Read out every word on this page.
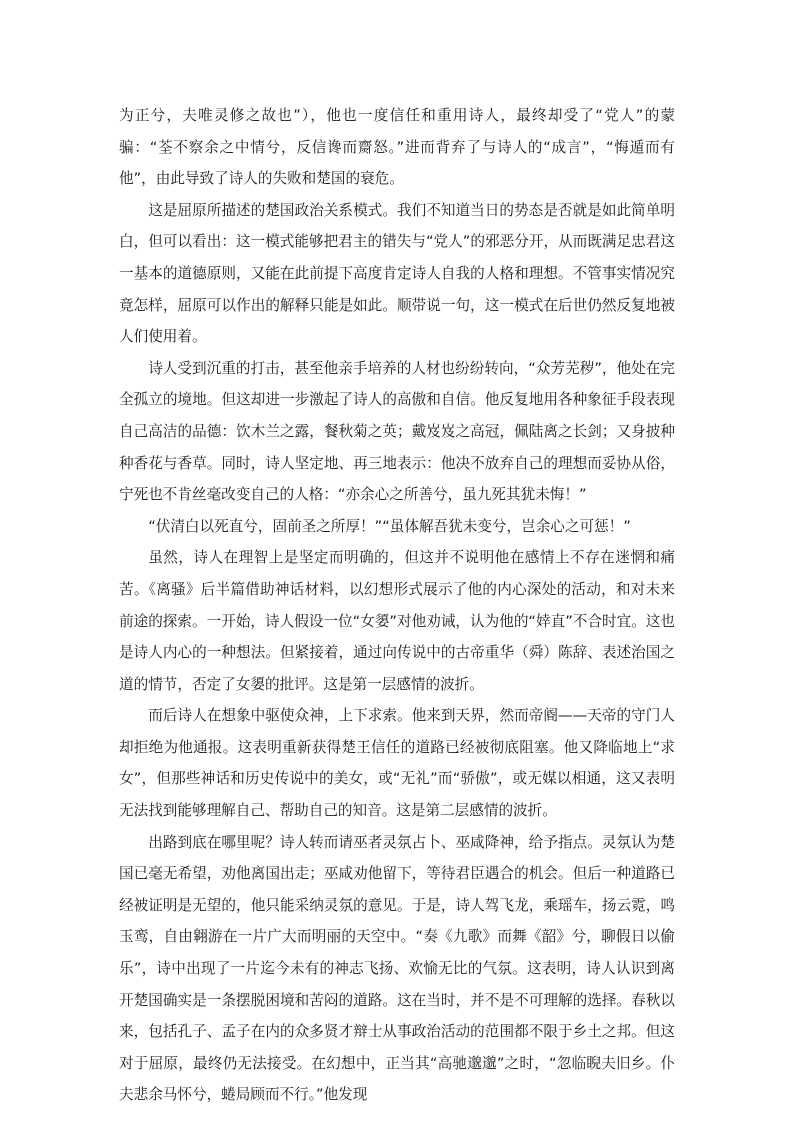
为正兮，夫唯灵修之故也”），他也一度信任和重用诗人，最终却受了“党人”的蒙骗：“荃不察余之中情兮，反信谗而齌怒。”进而背弃了与诗人的“成言”，“悔遁而有他”，由此导致了诗人的失败和楚国的衰危。

这是屈原所描述的楚国政治关系模式。我们不知道当日的势态是否就是如此简单明白，但可以看出：这一模式能够把君主的错失与“党人”的邪恶分开，从而既满足忠君这一基本的道德原则，又能在此前提下高度肯定诗人自我的人格和理想。不管事实情况究竟怎样，屈原可以作出的解释只能是如此。顺带说一句，这一模式在后世仍然反复地被人们使用着。

诗人受到沉重的打击，甚至他亲手培养的人材也纷纷转向，“众芳芜秽”，他处在完全孤立的境地。但这却进一步激起了诗人的高傲和自信。他反复地用各种象征手段表现自己高洁的品德：饮木兰之露，餐秋菊之英；戴岌岌之高冠，佩陆离之长剑；又身披种种香花与香草。同时，诗人坚定地、再三地表示：他决不放弃自己的理想而妥协从俗，宁死也不肯丝毫改变自己的人格：“亦余心之所善兮，虽九死其犹未悔！”

“伏清白以死直兮，固前圣之所厚！”“虽体解吾犹未变兮，岂余心之可惩！”

虽然，诗人在理智上是坚定而明确的，但这并不说明他在感情上不存在迷惘和痛苦。《离骚》后半篇借助神话材料，以幻想形式展示了他的内心深处的活动，和对未来前途的探索。一开始，诗人假设一位“女嬃”对他劝诫，认为他的“婞直”不合时宜。这也是诗人内心的一种想法。但紧接着，通过向传说中的古帝重华（舜）陈辞、表述治国之道的情节，否定了女嬃的批评。这是第一层感情的波折。

而后诗人在想象中驱使众神，上下求索。他来到天界，然而帝阍——天帝的守门人却拒绝为他通报。这表明重新获得楚王信任的道路已经被彻底阻塞。他又降临地上“求女”，但那些神话和历史传说中的美女，或“无礼”而“骄傲”，或无媒以相通，这又表明无法找到能够理解自己、帮助自己的知音。这是第二层感情的波折。

出路到底在哪里呢？诗人转而请巫者灵氛占卜、巫咸降神，给予指点。灵氛认为楚国已毫无希望，劝他离国出走；巫咸劝他留下，等待君臣遇合的机会。但后一种道路已经被证明是无望的，他只能采纳灵氛的意见。于是，诗人驾飞龙，乘瑶车，扬云霓，鸣玉鸾，自由翱游在一片广大而明丽的天空中。“奏《九歌》而舞《韶》兮，聊假日以偷乐”，诗中出现了一片迄今未有的神志飞扬、欢愉无比的气氛。这表明，诗人认识到离开楚国确实是一条摆脱困境和苦闷的道路。这在当时，并不是不可理解的选择。春秋以来，包括孔子、孟子在内的众多贤才辩士从事政治活动的范围都不限于乡土之邦。但这对于屈原，最终仍无法接受。在幻想中，正当其“高驰邈邈”之时，“忽临睨夫旧乡。仆夫悲余马怀兮，蜷局顾而不行。”他发现
